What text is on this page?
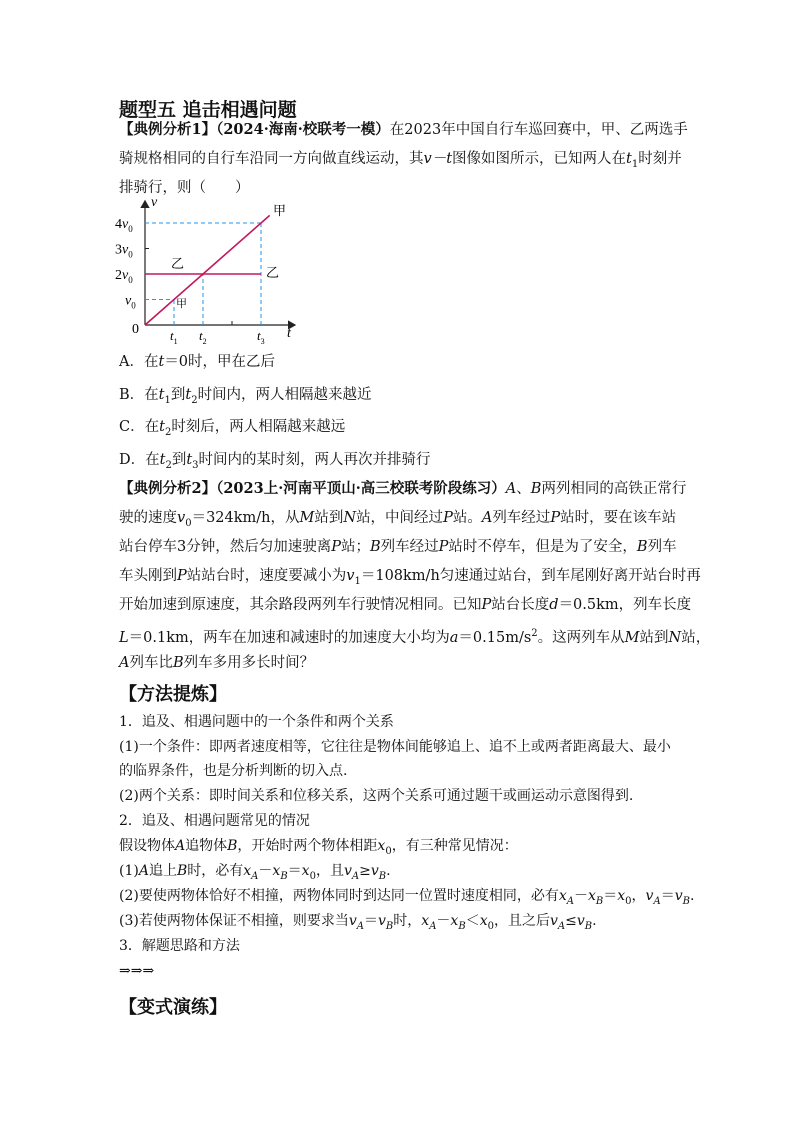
题型五 追击相遇问题
【典例分析1】（2024·海南·校联考一模）在2023年中国自行车巡回赛中，甲、乙两选手
骑规格相同的自行车沿同一方向做直线运动，其v－t图像如图所示，已知两人在$t_1$时刻并
排骑行，则（　　）
v
t
0
$4v_0$
$3v_0$
$2v_0$
$v_0$
$t_1$ $t_2$	$t_3$
甲
甲
乙
乙
A．在t＝0时，甲在乙后
B．在$t_1$到$t_2$时间内，两人相隔越来越近
C．在$t_2$时刻后，两人相隔越来越远
D．在$t_2$到$t_3$时间内的某时刻，两人再次并排骑行
【典例分析2】（2023上·河南平顶山·高三校联考阶段练习）A、B两列相同的高铁正常行
驶的速度$v_0=324km/h$，从M站到N站，中间经过P站。A列车经过P站时，要在该车站
站台停车3分钟，然后匀加速驶离P站；B列车经过P站时不停车，但是为了安全，B列车
车头刚到P站站台时，速度要减小为$v_1=108km/h$匀速通过站台，到车尾刚好离开站台时再
开始加速到原速度，其余路段两列车行驶情况相同。已知P站台长度d＝0.5km，列车长度
L＝0.1km，两车在加速和减速时的加速度大小均为$a=0.15m/s^2$。这两列车从M站到N站，
A列车比B列车多用多长时间？
【方法提炼】
1．追及、相遇问题中的一个条件和两个关系
(1)一个条件：即两者速度相等，它往往是物体间能够追上、追不上或两者距离最大、最小
的临界条件，也是分析判断的切入点.
(2)两个关系：即时间关系和位移关系，这两个关系可通过题干或画运动示意图得到.
2．追及、相遇问题常见的情况
假设物体A追物体B，开始时两个物体相距$x_0$，有三种常见情况：
(1)A追上B时，必有$x_A-x_B=x_0$，且$v_A\ge v_B$.
(2)要使两物体恰好不相撞，两物体同时到达同一位置时速度相同，必有$x_A-x_B=x_0$，$v_A=v_B$.
(3)若使两物体保证不相撞，则要求当$v_A=v_B$时，$x_A-x_B<x_0$，且之后$v_A\le v_B$.
3．解题思路和方法
⇒⇒⇒
【变式演练】
